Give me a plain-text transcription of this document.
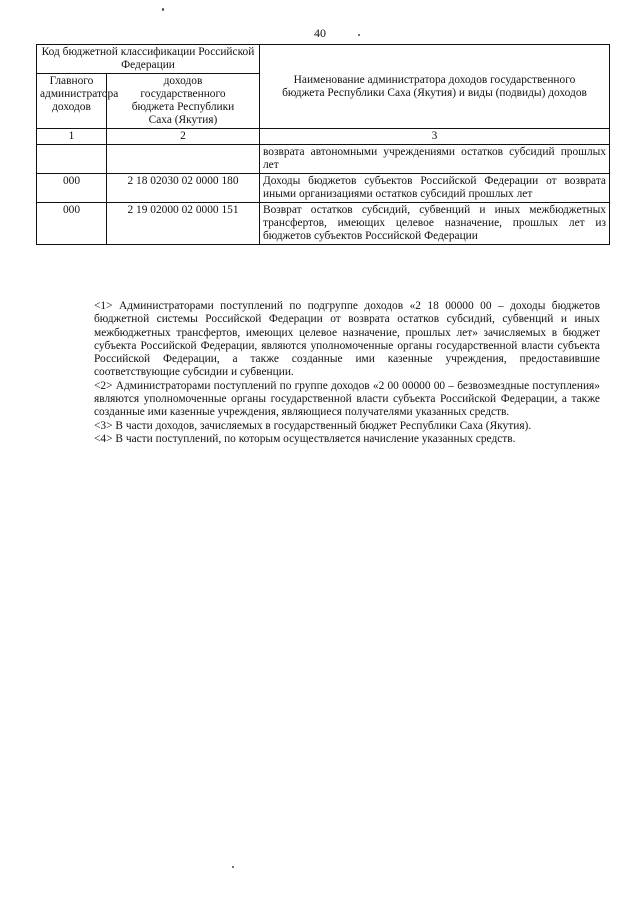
40
Код бюджетной классификации Российской Федерации		Наименование администратора доходов государственного бюджета Республики Саха (Якутия) и виды (подвиды) доходов
Главного администратора доходов	доходов государственного бюджета Республики Саха (Якутия)	
1	2	3
		возврата автономными учреждениями остатков субсидий прошлых лет
000	2 18 02030 02 0000 180	Доходы бюджетов субъектов Российской Федерации от возврата иными организациями остатков субсидий прошлых лет
000	2 19 02000 02 0000 151	Возврат остатков субсидий, субвенций и иных межбюджетных трансфертов, имеющих целевое назначение, прошлых лет из бюджетов субъектов Российской Федерации

<1> Администраторами поступлений по подгруппе доходов «2 18 00000 00 – доходы бюджетов бюджетной системы Российской Федерации от возврата остатков субсидий, субвенций и иных межбюджетных трансфертов, имеющих целевое назначение, прошлых лет» зачисляемых в бюджет субъекта Российской Федерации, являются уполномоченные органы государственной власти субъекта Российской Федерации, а также созданные ими казенные учреждения, предоставившие соответствующие субсидии и субвенции.

<2> Администраторами поступлений по группе доходов «2 00 00000 00 – безвозмездные поступления» являются уполномоченные органы государственной власти субъекта Российской Федерации, а также созданные ими казенные учреждения, являющиеся получателями указанных средств.

<3> В части доходов, зачисляемых в государственный бюджет Республики Саха (Якутия).

<4> В части поступлений, по которым осуществляется начисление указанных средств.
